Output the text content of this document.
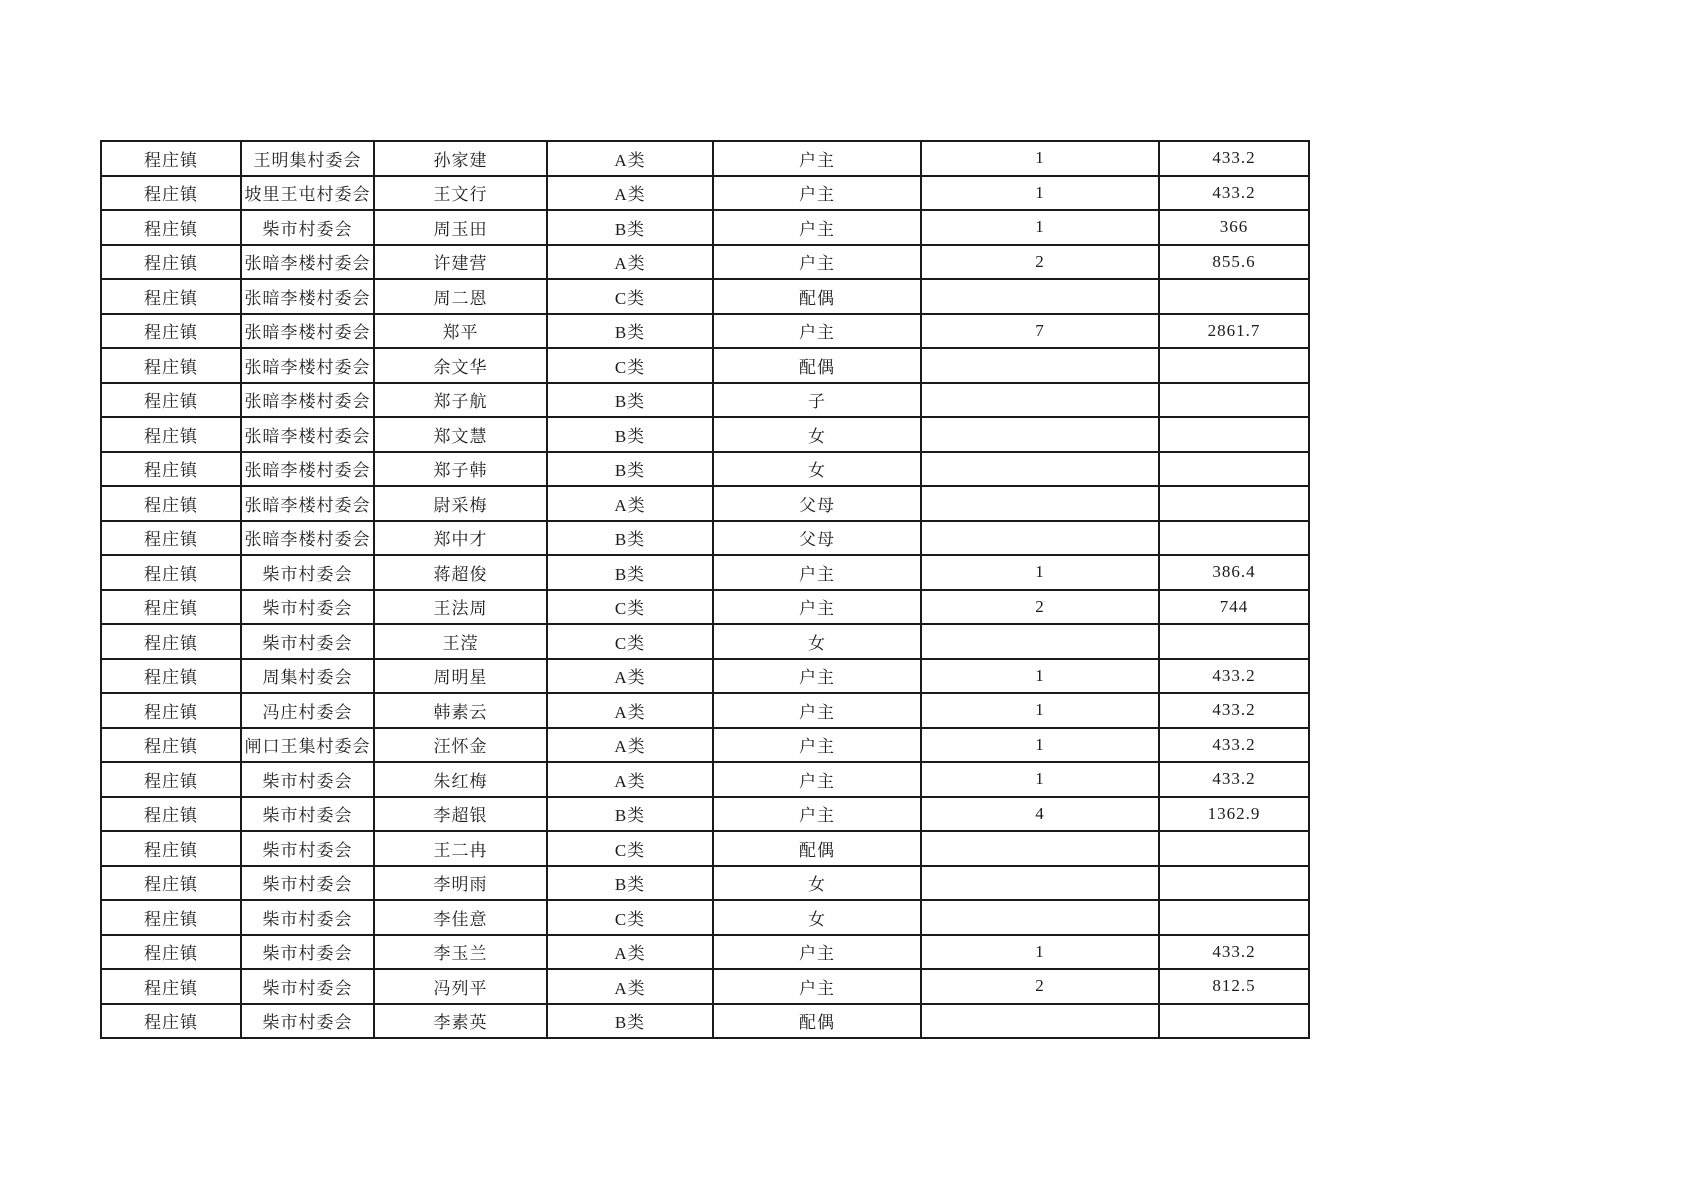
程庄镇	王明集村委会	孙家建	A类	户主	1	433.2
程庄镇	坡里王屯村委会	王文行	A类	户主	1	433.2
程庄镇	柴市村委会	周玉田	B类	户主	1	366
程庄镇	张暗李楼村委会	许建营	A类	户主	2	855.6
程庄镇	张暗李楼村委会	周二恩	C类	配偶		
程庄镇	张暗李楼村委会	郑平	B类	户主	7	2861.7
程庄镇	张暗李楼村委会	余文华	C类	配偶		
程庄镇	张暗李楼村委会	郑子航	B类	子		
程庄镇	张暗李楼村委会	郑文慧	B类	女		
程庄镇	张暗李楼村委会	郑子韩	B类	女		
程庄镇	张暗李楼村委会	尉采梅	A类	父母		
程庄镇	张暗李楼村委会	郑中才	B类	父母		
程庄镇	柴市村委会	蒋超俊	B类	户主	1	386.4
程庄镇	柴市村委会	王法周	C类	户主	2	744
程庄镇	柴市村委会	王滢	C类	女		
程庄镇	周集村委会	周明星	A类	户主	1	433.2
程庄镇	冯庄村委会	韩素云	A类	户主	1	433.2
程庄镇	闸口王集村委会	汪怀金	A类	户主	1	433.2
程庄镇	柴市村委会	朱红梅	A类	户主	1	433.2
程庄镇	柴市村委会	李超银	B类	户主	4	1362.9
程庄镇	柴市村委会	王二冉	C类	配偶		
程庄镇	柴市村委会	李明雨	B类	女		
程庄镇	柴市村委会	李佳意	C类	女		
程庄镇	柴市村委会	李玉兰	A类	户主	1	433.2
程庄镇	柴市村委会	冯列平	A类	户主	2	812.5
程庄镇	柴市村委会	李素英	B类	配偶		
